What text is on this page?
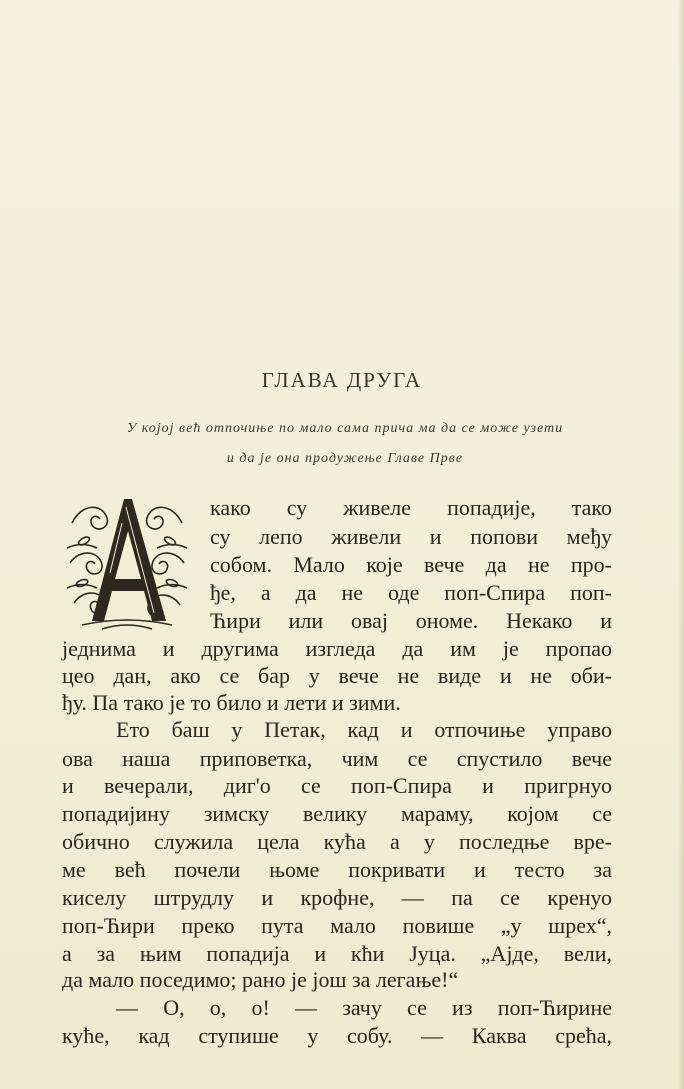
ГЛАВА ДРУГА
У којој већ отпочиње по мало сама прича ма да се може узети
и да је она продужење Главе Прве
како су живеле попадије, тако
су лепо живели и попови међу
собом. Мало које вече да не про-
ђе, а да не оде поп-Спира поп-
Ћири или овај ономе. Некако и
једнима и другима изгледа да им је пропао
цео дан, ако се бар у вече не виде и не оби-
ђу. Па тако је то било и лети и зими.
Ето баш у Петак, кад и отпочиње управо
ова наша приповетка, чим се спустило вече
и вечерали, диг'о се поп-Спира и пригрнуо
попадијину зимску велику мараму, којом се
обично служила цела кућа а у последње вре-
ме већ почели њоме покривати и тесто за
киселу штрудлу и крофне, — па се кренуо
поп-Ћири преко пута мало повише „у шрех“,
а за њим попадија и кћи Јуца. „Ајде, вели,
да мало поседимо; рано је још за легање!“
— О, о, о! — зачу се из поп-Ћирине
куће, кад ступише у собу. — Каква срећа,
